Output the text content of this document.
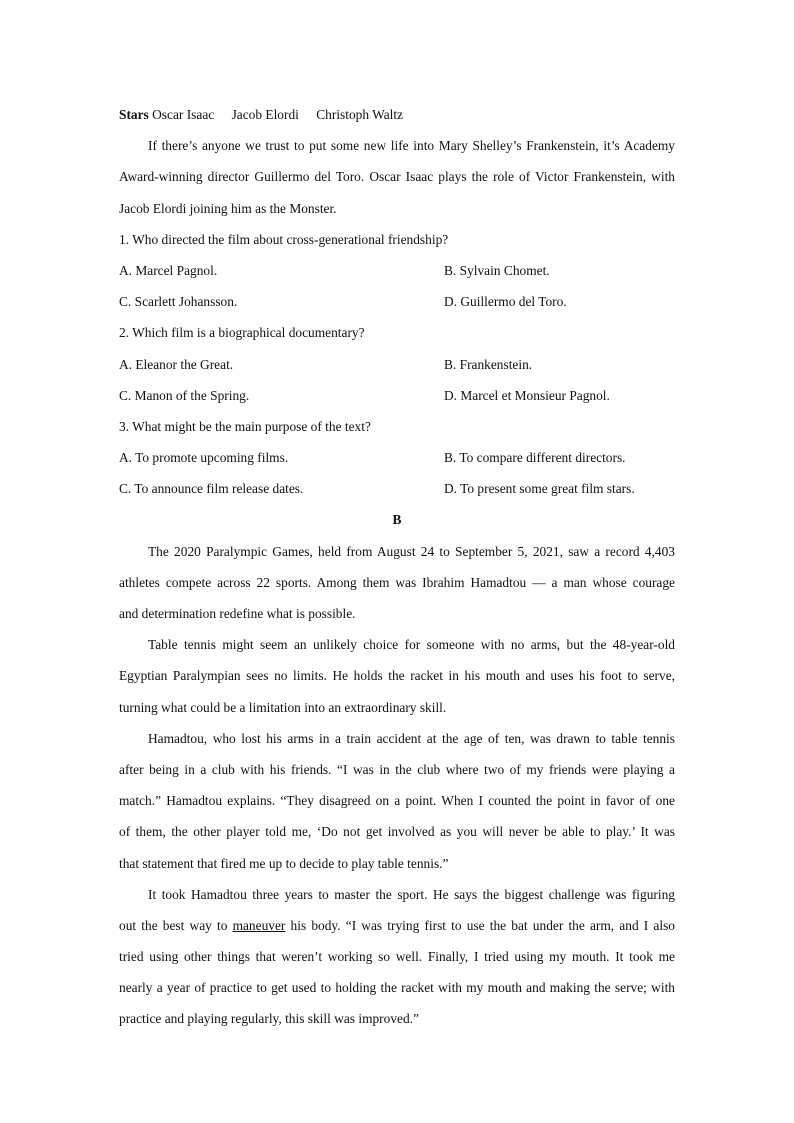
Stars Oscar Isaac Jacob Elordi Christoph Waltz
If there’s anyone we trust to put some new life into Mary Shelley’s Frankenstein, it’s Academy
Award-winning director Guillermo del Toro. Oscar Isaac plays the role of Victor Frankenstein, with
Jacob Elordi joining him as the Monster.
1. Who directed the film about cross-generational friendship?
A. Marcel Pagnol.	B. Sylvain Chomet.
C. Scarlett Johansson.	D. Guillermo del Toro.
2. Which film is a biographical documentary?
A. Eleanor the Great.	B. Frankenstein.
C. Manon of the Spring.	D. Marcel et Monsieur Pagnol.
3. What might be the main purpose of the text?
A. To promote upcoming films.	B. To compare different directors.
C. To announce film release dates.	D. To present some great film stars.
B
The 2020 Paralympic Games, held from August 24 to September 5, 2021, saw a record 4,403
athletes compete across 22 sports. Among them was Ibrahim Hamadtou — a man whose courage
and determination redefine what is possible.
Table tennis might seem an unlikely choice for someone with no arms, but the 48-year-old
Egyptian Paralympian sees no limits. He holds the racket in his mouth and uses his foot to serve,
turning what could be a limitation into an extraordinary skill.
Hamadtou, who lost his arms in a train accident at the age of ten, was drawn to table tennis
after being in a club with his friends. “I was in the club where two of my friends were playing a
match.” Hamadtou explains. “They disagreed on a point. When I counted the point in favor of one
of them, the other player told me, ‘Do not get involved as you will never be able to play.’ It was
that statement that fired me up to decide to play table tennis.”
It took Hamadtou three years to master the sport. He says the biggest challenge was figuring
out the best way to maneuver his body. “I was trying first to use the bat under the arm, and I also
tried using other things that weren’t working so well. Finally, I tried using my mouth. It took me
nearly a year of practice to get used to holding the racket with my mouth and making the serve; with
practice and playing regularly, this skill was improved.”
